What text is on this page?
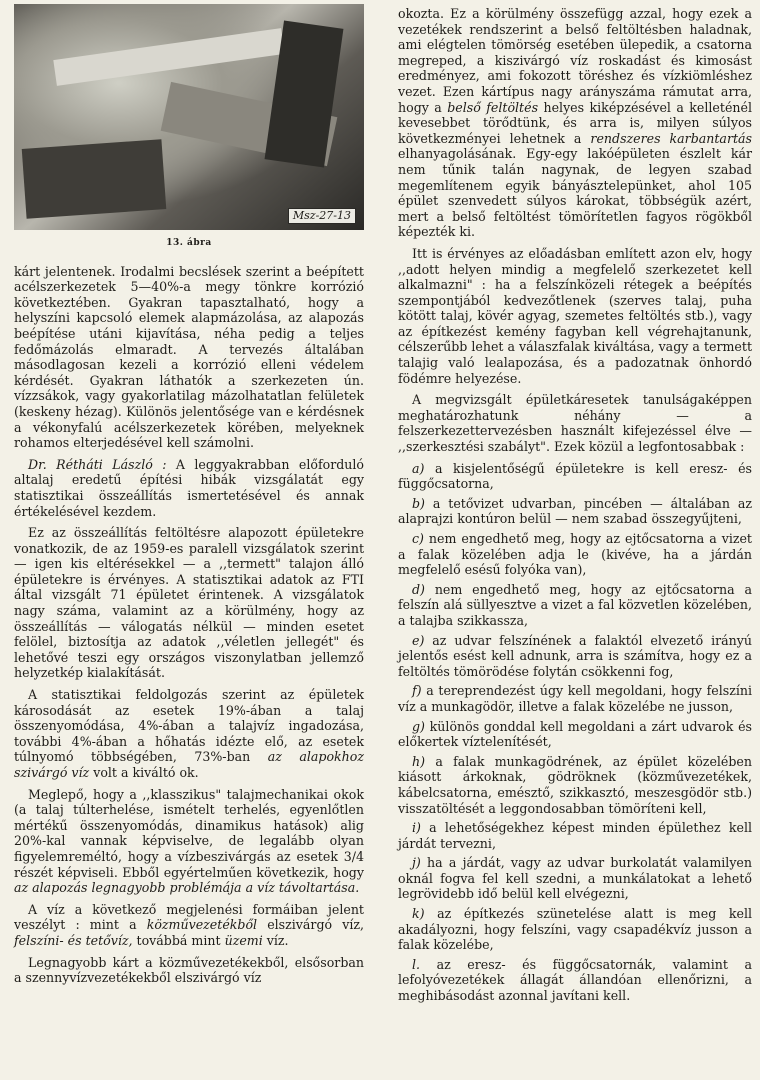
Msz-27-13
13. ábra

kárt jelentenek. Irodalmi becslések szerint a beépített acélszerkezetek 5—40%-a megy tönkre korrózió következtében. Gyakran tapasztalható, hogy a helyszíni kapcsoló elemek alapmázolása, az alapozás beépítése utáni kijavítása, néha pedig a teljes fedőmázolás elmaradt. A tervezés általában másodlagosan kezeli a korrózió elleni védelem kérdését. Gyakran láthatók a szerkezeten ún. vízzsákok, vagy gyakorlatilag mázolhatatlan felületek (keskeny hézag). Különös jelentősége van e kérdésnek a vékonyfalú acélszerkezetek körében, melyeknek rohamos elterjedésével kell számolni.

Dr. Rétháti László : A leggyakrabban előforduló altalaj eredetű építési hibák vizsgálatát egy statisztikai összeállítás ismertetésével és annak értékelésével kezdem.

Ez az összeállítás feltöltésre alapozott épületekre vonatkozik, de az 1959-es paralell vizsgálatok szerint — igen kis eltérésekkel — a ,,termett" talajon álló épületekre is érvényes. A statisztikai adatok az FTI által vizsgált 71 épületet érintenek. A vizsgálatok nagy száma, valamint az a körülmény, hogy az összeállítás — válogatás nélkül — minden esetet felölel, biztosítja az adatok ,,véletlen jellegét" és lehetővé teszi egy országos viszonylatban jellemző helyzetkép kialakítását.

A statisztikai feldolgozás szerint az épületek károsodását az esetek 19%-ában a talaj összenyomódása, 4%-ában a talajvíz ingadozása, további 4%-ában a hőhatás idézte elő, az esetek túlnyomó többségében, 73%-ban az alapokhoz szivárgó víz volt a kiváltó ok.

Meglepő, hogy a ,,klasszikus" talajmechanikai okok (a talaj túlterhelése, ismételt terhelés, egyenlőtlen mértékű összenyomódás, dinamikus hatások) alig 20%-kal vannak képviselve, de legalább olyan figyelemreméltó, hogy a vízbeszivárgás az esetek 3/4 részét képviseli. Ebből egyértelműen következik, hogy az alapozás legnagyobb problémája a víz távoltartása.

A víz a következő megjelenési formáiban jelent veszélyt : mint a közművezetékből elszivárgó víz, felszíni- és tetővíz, továbbá mint üzemi víz.

Legnagyobb kárt a közművezetékekből, elsősorban a szennyvízvezetékekből elszivárgó víz

okozta. Ez a körülmény összefügg azzal, hogy ezek a vezetékek rendszerint a belső feltöltésben haladnak, ami elégtelen tömörség esetében ülepedik, a csatorna megreped, a kiszivárgó víz roskadást és kimosást eredményez, ami fokozott töréshez és vízkiömléshez vezet. Ezen kártípus nagy arányszáma rámutat arra, hogy a belső feltöltés helyes kiképzésével a kelleténél kevesebbet törődtünk, és arra is, milyen súlyos következményei lehetnek a rendszeres karbantartás elhanyagolásának. Egy-egy lakóépületen észlelt kár nem tűnik talán nagynak, de legyen szabad megemlítenem egyik bányásztelepünket, ahol 105 épület szenvedett súlyos károkat, többségük azért, mert a belső feltöltést tömörítetlen fagyos rögökből képezték ki.

Itt is érvényes az előadásban említett azon elv, hogy ,,adott helyen mindig a megfelelő szerkezetet kell alkalmazni" : ha a felszínközeli rétegek a beépítés szempontjából kedvezőtlenek (szerves talaj, puha kötött talaj, kövér agyag, szemetes feltöltés stb.), vagy az építkezést kemény fagyban kell végrehajtanunk, célszerűbb lehet a válaszfalak kiváltása, vagy a termett talajig való lealapozása, és a padozatnak önhordó födémre helyezése.

A megvizsgált épületkáresetek tanulságaképpen meghatározhatunk néhány — a felszerkezettervezésben használt kifejezéssel élve — ,,szerkesztési szabályt". Ezek közül a legfontosabbak :

a) a kisjelentőségű épületekre is kell eresz- és függőcsatorna,
b) a tetővizet udvarban, pincében — általában az alaprajzi kontúron belül — nem szabad összegyűjteni,
c) nem engedhető meg, hogy az ejtőcsatorna a vizet a falak közelében adja le (kivéve, ha a járdán megfelelő esésű folyóka van),
d) nem engedhető meg, hogy az ejtőcsatorna a felszín alá süllyesztve a vizet a fal közvetlen közelében, a talajba szikkassza,
e) az udvar felszínének a falaktól elvezető irányú jelentős esést kell adnunk, arra is számítva, hogy ez a feltöltés tömörödése folytán csökkenni fog,
f) a tereprendezést úgy kell megoldani, hogy felszíni víz a munkagödör, illetve a falak közelébe ne jusson,
g) különös gonddal kell megoldani a zárt udvarok és előkertek víztelenítését,
h) a falak munkagödrének, az épület közelében kiásott árkoknak, gödröknek (közművezetékek, kábelcsatorna, emésztő, szikkasztó, meszesgödör stb.) visszatöltését a leggondosabban tömöríteni kell,
i) a lehetőségekhez képest minden épülethez kell járdát tervezni,
j) ha a járdát, vagy az udvar burkolatát valamilyen oknál fogva fel kell szedni, a munkálatokat a lehető legrövidebb idő belül kell elvégezni,
k) az építkezés szünetelése alatt is meg kell akadályozni, hogy felszíni, vagy csapadékvíz jusson a falak közelébe,
l. az eresz- és függőcsatornák, valamint a lefolyóvezetékek állagát állandóan ellenőrizni, a meghibásodást azonnal javítani kell.
